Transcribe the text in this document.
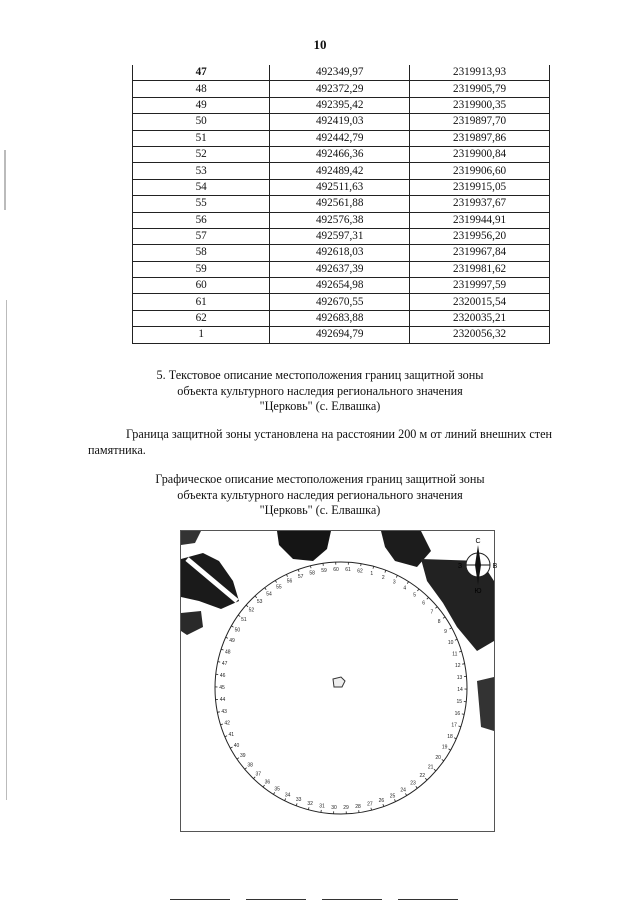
10
47	492349,97	2319913,93
48	492372,29	2319905,79
49	492395,42	2319900,35
50	492419,03	2319897,70
51	492442,79	2319897,86
52	492466,36	2319900,84
53	492489,42	2319906,60
54	492511,63	2319915,05
55	492561,88	2319937,67
56	492576,38	2319944,91
57	492597,31	2319956,20
58	492618,03	2319967,84
59	492637,39	2319981,62
60	492654,98	2319997,59
61	492670,55	2320015,54
62	492683,88	2320035,21
1	492694,79	2320056,32
5. Текстовое описание местоположения границ защитной зоны
объекта культурного наследия регионального значения
"Церковь" (с. Елвашка)
Граница защитной зоны установлена на расстоянии 200 м от линий внешних стен памятника.
Графическое описание местоположения границ защитной зоны
объекта культурного наследия регионального значения
"Церковь" (с. Елвашка)
1
2
3
4
5
6
7
8
9
10
11
12
13
14
15
16
17
18
19
20
21
22
23
24
25
26
27
28
29
30
31
32
33
34
35
36
37
38
39
40
41
42
43
44
45
46
47
48
49
50
51
52
53
54
55
56
57
58 59 60 61 62
С
З	В
Ю
